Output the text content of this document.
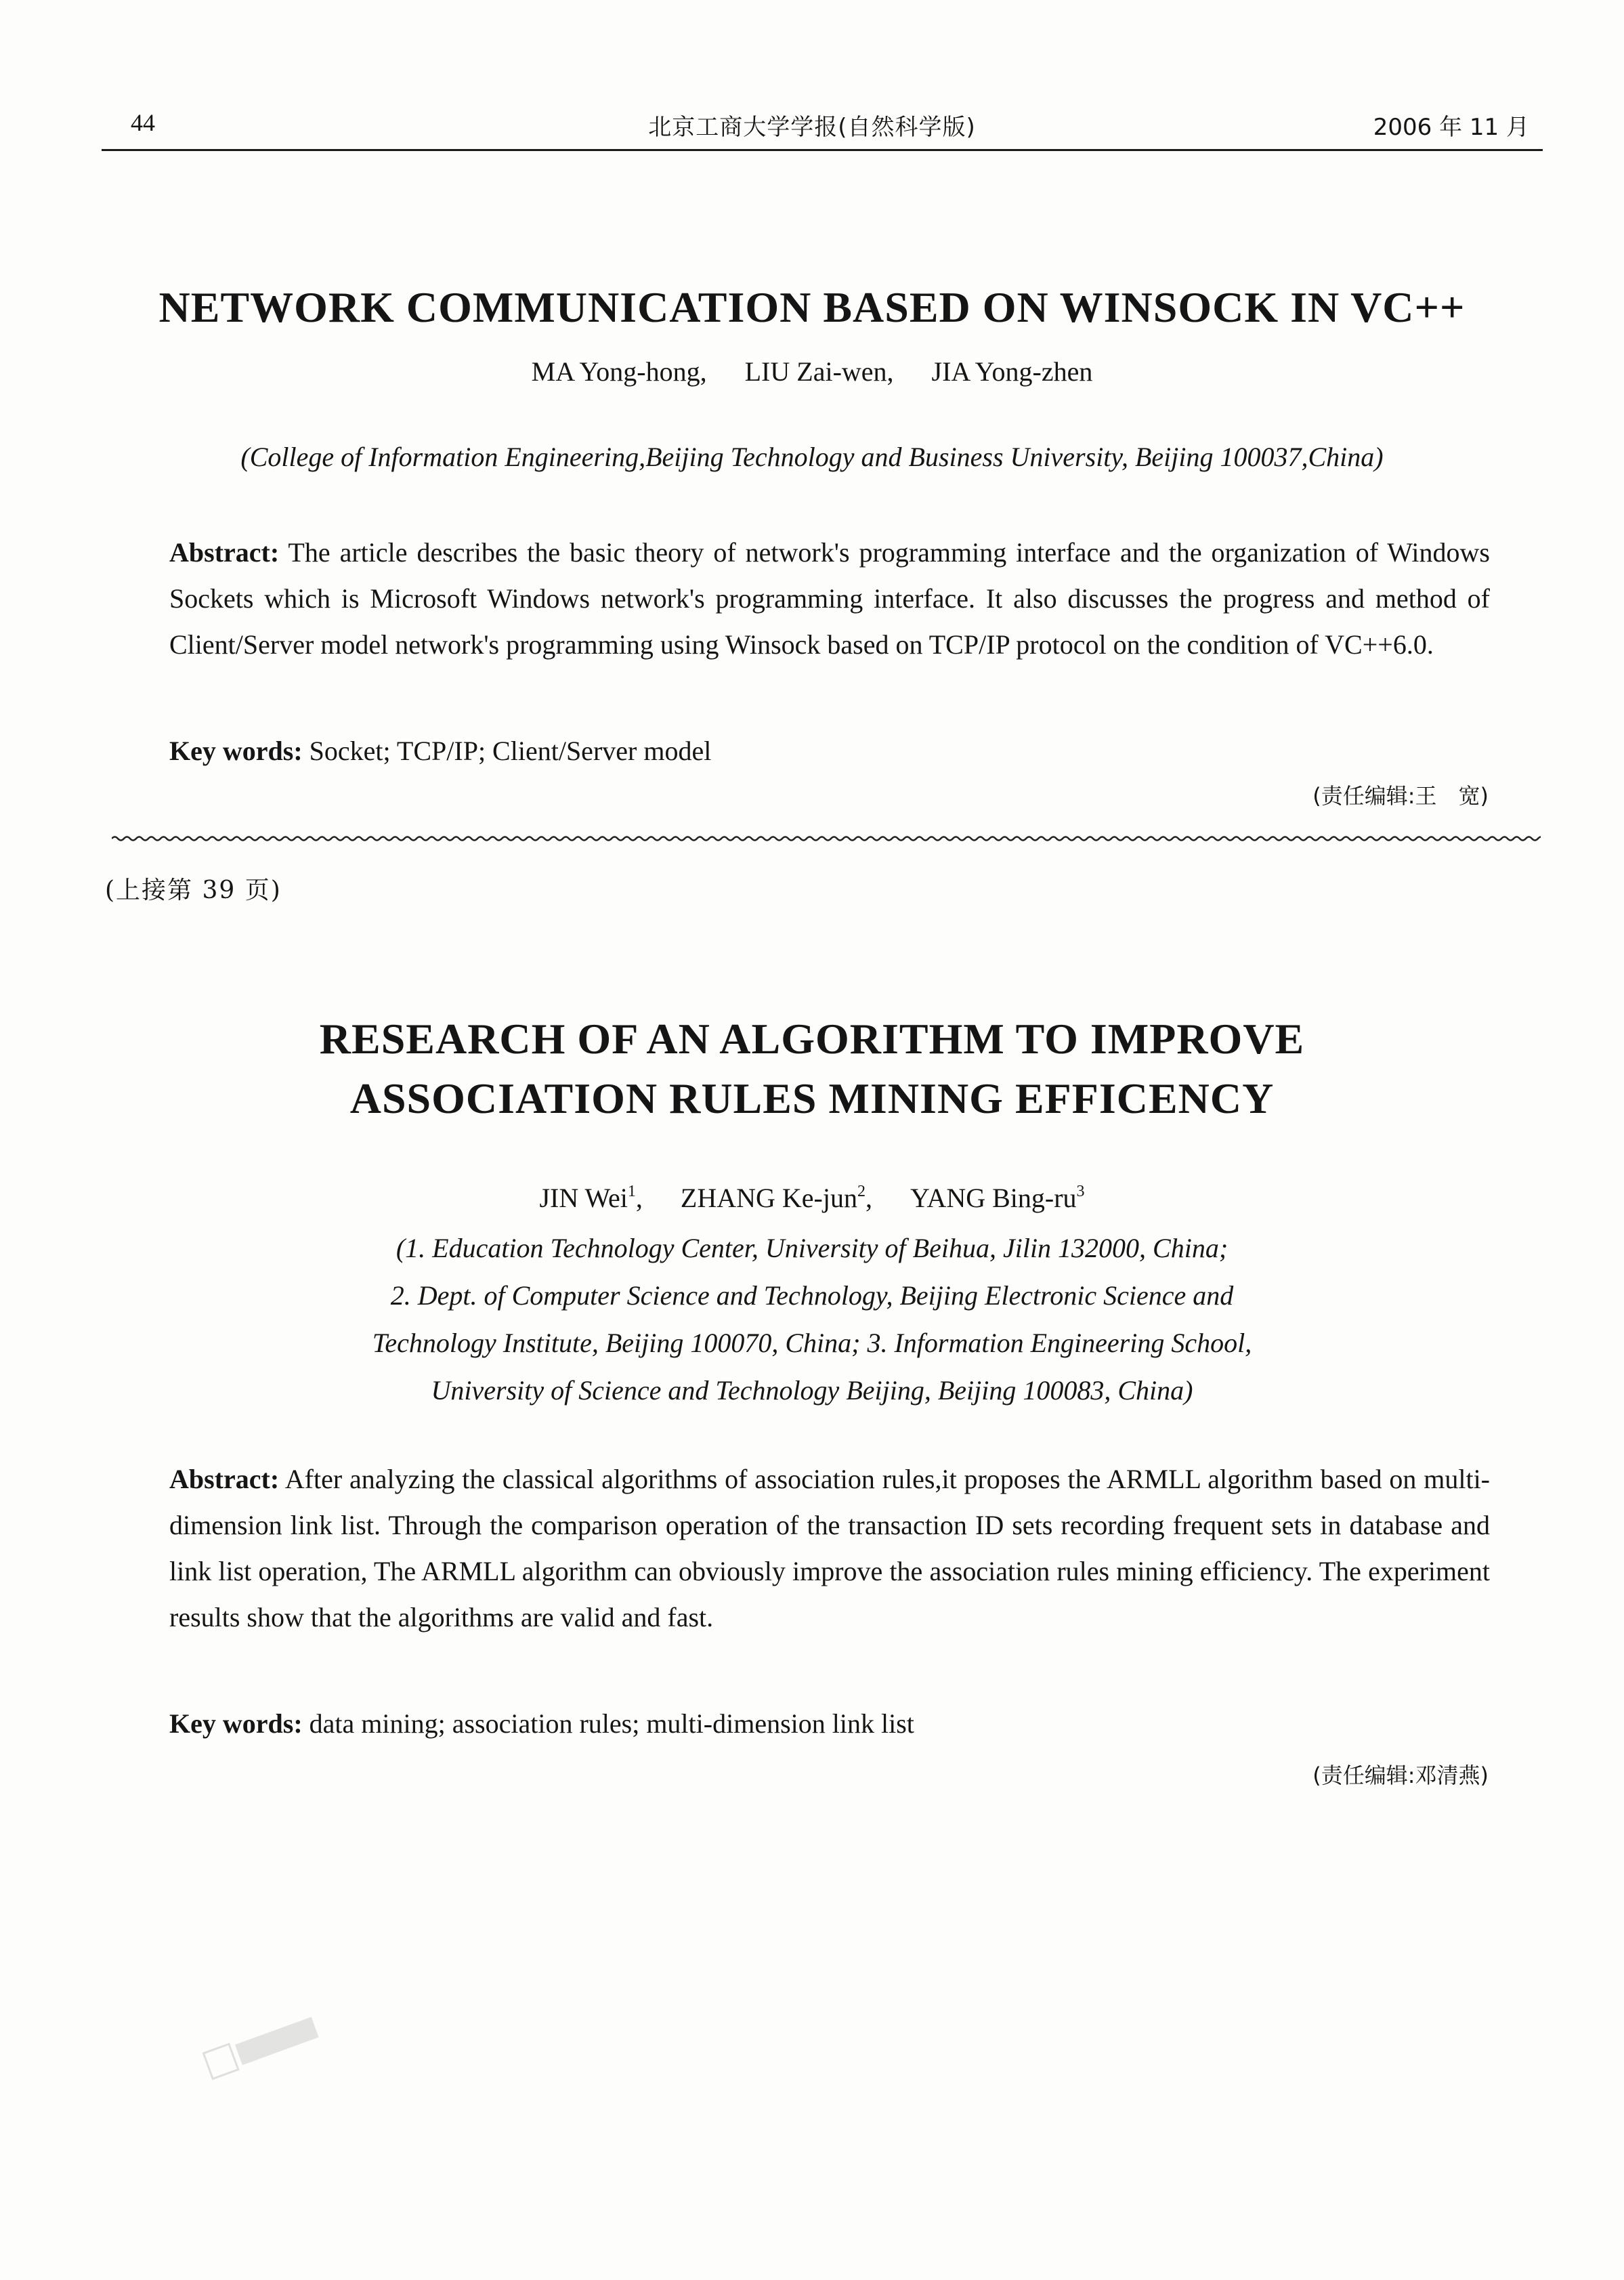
44	北京工商大学学报(自然科学版)	2006 年 11 月
NETWORK COMMUNICATION BASED ON WINSOCK IN VC++
MA Yong-hong, LIU Zai-wen, JIA Yong-zhen
(College of Information Engineering,Beijing Technology and Business University, Beijing 100037,China)
Abstract: The article describes the basic theory of network's programming interface and the organization of Windows Sockets which is Microsoft Windows network's programming interface. It also discusses the progress and method of Client/Server model network's programming using Winsock based on TCP/IP protocol on the condition of VC++6.0.
Key words: Socket; TCP/IP; Client/Server model
(责任编辑:王　宽)
(上接第 39 页)
RESEARCH OF AN ALGORITHM TO IMPROVE
ASSOCIATION RULES MINING EFFICENCY
JIN Wei$^1$, ZHANG Ke-jun$^2$, YANG Bing-$ru^3$
(1. Education Technology Center, University of Beihua, Jilin 132000, China;
2. Dept. of Computer Science and Technology, Beijing Electronic Science and
Technology Institute, Beijing 100070, China; 3. Information Engineering School,
University of Science and Technology Beijing, Beijing 100083, China)
Abstract: After analyzing the classical algorithms of association rules,it proposes the ARMLL algorithm based on multi-dimension link list. Through the comparison operation of the transaction ID sets recording frequent sets in database and link list operation, The ARMLL algorithm can obviously improve the association rules mining efficiency. The experiment results show that the algorithms are valid and fast.
Key words: data mining; association rules; multi-dimension link list
(责任编辑:邓清燕)
